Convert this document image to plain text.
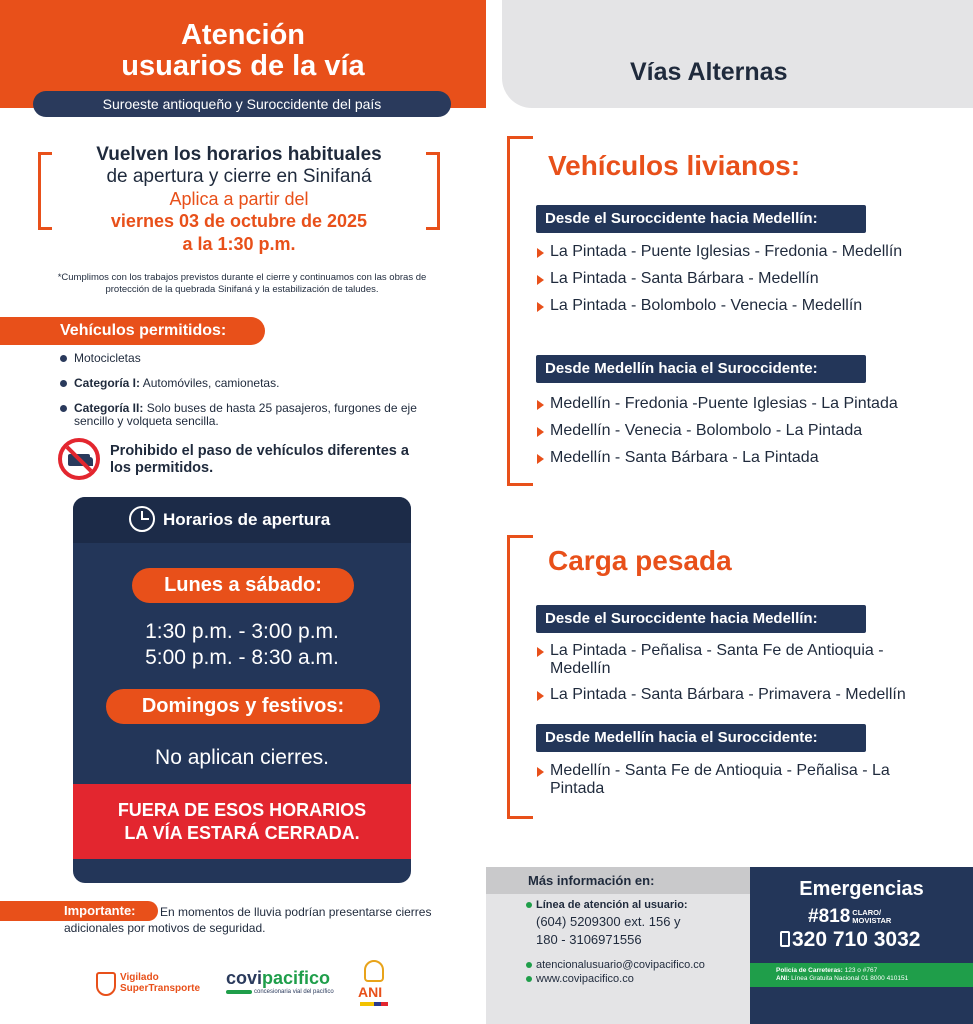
Atención
usuarios de la vía
Suroeste antioqueño y Suroccidente del país
Vuelven los horarios habituales
de apertura y cierre en Sinifaná
Aplica a partir del
viernes 03 de octubre de 2025
a la 1:30 p.m.
*Cumplimos con los trabajos previstos durante el cierre y continuamos con las obras de protección de la quebrada Sinifaná y la estabilización de taludes.
Vehículos permitidos:
Motocicletas
Categoría I: Automóviles, camionetas.
Categoría II: Solo buses de hasta 25 pasajeros, furgones de eje sencillo y volqueta sencilla.
Prohibido el paso de vehículos diferentes a los permitidos.
Horarios de apertura
Lunes a sábado:
1:30 p.m. - 3:00 p.m.
5:00 p.m. - 8:30 a.m.
Domingos y festivos:
No aplican cierres.
FUERA DE ESOS HORARIOS
LA VÍA ESTARÁ CERRADA.
Importante:	En momentos de lluvia podrían presentarse cierres adicionales por motivos de seguridad.
Vigilado
SuperTransporte
covipacifico
concesionaria vial del pacífico ANI
Vías Alternas
Vehículos livianos:
Desde el Suroccidente hacia Medellín:
La Pintada - Puente Iglesias - Fredonia - Medellín
La Pintada - Santa Bárbara - Medellín
La Pintada - Bolombolo - Venecia - Medellín
Desde Medellín hacia el Suroccidente:
Medellín - Fredonia -Puente Iglesias - La Pintada
Medellín - Venecia - Bolombolo - La Pintada
Medellín - Santa Bárbara - La Pintada
Carga pesada
Desde el Suroccidente hacia Medellín:
La Pintada - Peñalisa - Santa Fe de Antioquia - Medellín
La Pintada - Santa Bárbara - Primavera - Medellín
Desde Medellín hacia el Suroccidente:
Medellín - Santa Fe de Antioquia - Peñalisa - La Pintada
Más información en:
Línea de atención al usuario:
(604) 5209300 ext. 156 y
180 - 3106971556
atencionalusuario@covipacifico.co
www.covipacifico.co
Emergencias
#818 CLARO/
MOVISTAR
320 710 3032
Policía de Carreteras: 123 o #767
ANI: Línea Gratuita Nacional 01 8000 410151
